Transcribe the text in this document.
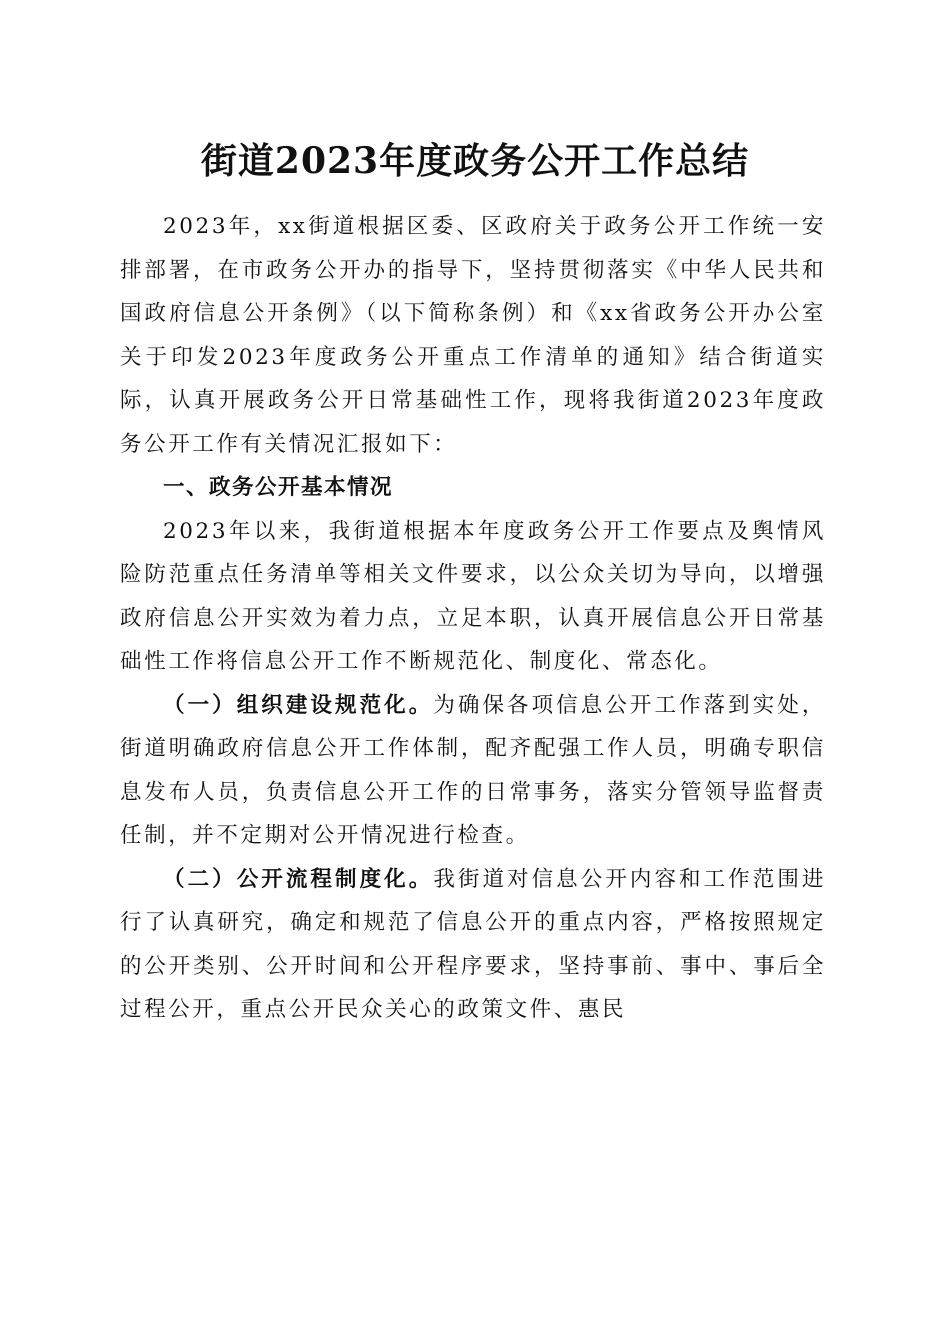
街道2023年度政务公开工作总结

2023年，xx街道根据区委、区政府关于政务公开工作统一安排部署，在市政务公开办的指导下，坚持贯彻落实《中华人民共和国政府信息公开条例》（以下简称条例）和《xx省政务公开办公室关于印发2023年度政务公开重点工作清单的通知》结合街道实际，认真开展政务公开日常基础性工作，现将我街道2023年度政务公开工作有关情况汇报如下：

一、政务公开基本情况

2023年以来，我街道根据本年度政务公开工作要点及舆情风险防范重点任务清单等相关文件要求，以公众关切为导向，以增强政府信息公开实效为着力点，立足本职，认真开展信息公开日常基础性工作将信息公开工作不断规范化、制度化、常态化。

（一）组织建设规范化。为确保各项信息公开工作落到实处，街道明确政府信息公开工作体制，配齐配强工作人员，明确专职信息发布人员，负责信息公开工作的日常事务，落实分管领导监督责任制，并不定期对公开情况进行检查。

（二）公开流程制度化。我街道对信息公开内容和工作范围进行了认真研究，确定和规范了信息公开的重点内容，严格按照规定的公开类别、公开时间和公开程序要求，坚持事前、事中、事后全过程公开，重点公开民众关心的政策文件、惠民
